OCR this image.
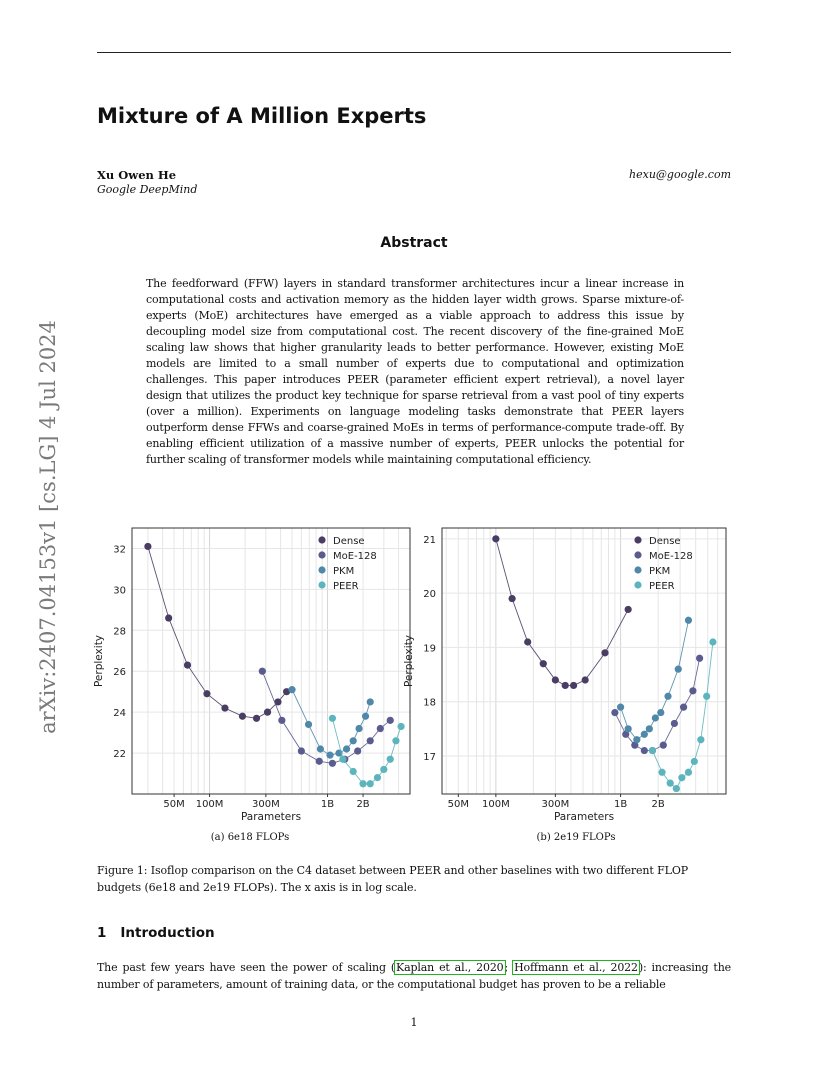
arXiv:2407.04153v1 [cs.LG] 4 Jul 2024
Mixture of A Million Experts
Xu Owen He
Google DeepMind
hexu@google.com
Abstract

The feedforward (FFW) layers in standard transformer architectures incur a linear increase in computational costs and activation memory as the hidden layer width grows. Sparse mixture-of-experts (MoE) architectures have emerged as a viable approach to address this issue by decoupling model size from computational cost. The recent discovery of the fine-grained MoE scaling law shows that higher granularity leads to better performance. However, existing MoE models are limited to a small number of experts due to computational and optimization challenges. This paper introduces PEER (parameter efficient expert retrieval), a novel layer design that utilizes the product key technique for sparse retrieval from a vast pool of tiny experts (over a million). Experiments on language modeling tasks demonstrate that PEER layers outperform dense FFWs and coarse-grained MoEs in terms of performance-compute trade-off. By enabling efficient utilization of a massive number of experts, PEER unlocks the potential for further scaling of transformer models while maintaining computational efficiency.

22
24
26
28
30
32
50M 100M	300M	1B 2B
Parameters
Perplexity
Dense
MoE-128
PKM
PEER
(a) 6e18 FLOPs
17
18
19
20
21
50M 100M	300M	1B 2B
Parameters
Perplexity
Dense
MoE-128
PKM
PEER
(b) 2e19 FLOPs

Figure 1: Isoflop comparison on the C4 dataset between PEER and other baselines with two different FLOP budgets (6e18 and 2e19 FLOPs). The x axis is in log scale.

1 Introduction

The past few years have seen the power of scaling (Kaplan et al., 2020; Hoffmann et al., 2022): increasing the number of parameters, amount of training data, or the computational budget has proven to be a reliable

1
